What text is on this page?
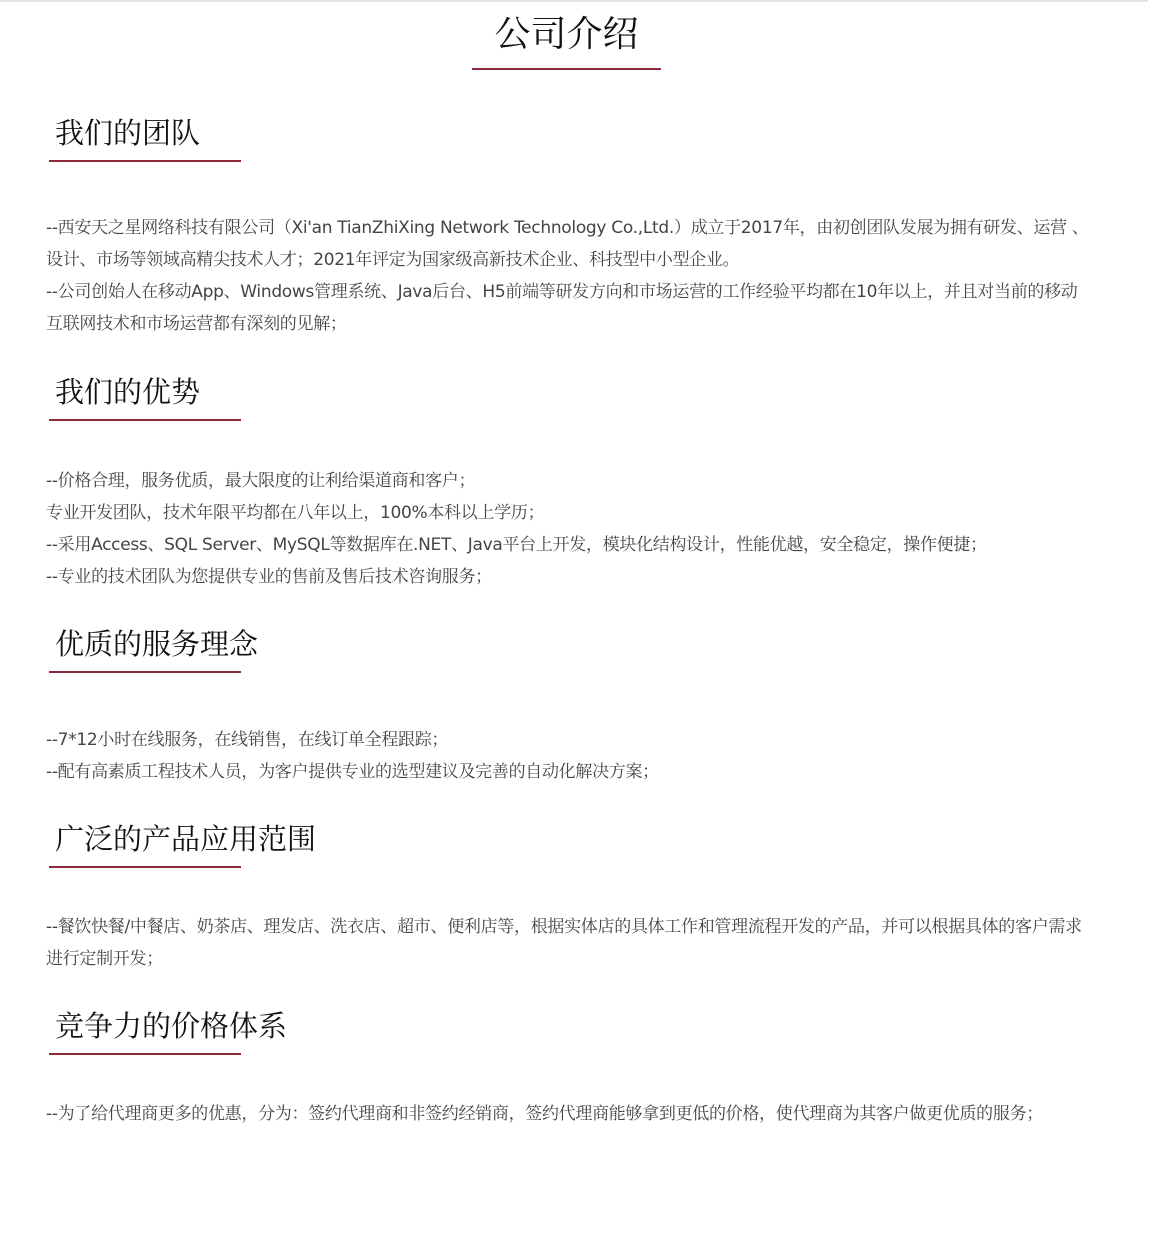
公司介绍
我们的团队

--西安天之星网络科技有限公司（Xi'an TianZhiXing Network Technology Co.,Ltd.）成立于2017年，由初创团队发展为拥有研发、运营 、设计、市场等领域高精尖技术人才；2021年评定为国家级高新技术企业、科技型中小型企业。

--公司创始人在移动App、Windows管理系统、Java后台、H5前端等研发方向和市场运营的工作经验平均都在10年以上，并且对当前的移动互联网技术和市场运营都有深刻的见解；

我们的优势

--价格合理，服务优质，最大限度的让利给渠道商和客户；

专业开发团队，技术年限平均都在八年以上，100%本科以上学历；

--采用Access、SQL Server、MySQL等数据库在.NET、Java平台上开发，模块化结构设计，性能优越，安全稳定，操作便捷；

--专业的技术团队为您提供专业的售前及售后技术咨询服务；

优质的服务理念

--7*12小时在线服务，在线销售，在线订单全程跟踪；

--配有高素质工程技术人员，为客户提供专业的选型建议及完善的自动化解决方案；

广泛的产品应用范围

--餐饮快餐/中餐店、奶茶店、理发店、洗衣店、超市、便利店等，根据实体店的具体工作和管理流程开发的产品，并可以根据具体的客户需求进行定制开发；

竞争力的价格体系

--为了给代理商更多的优惠，分为：签约代理商和非签约经销商，签约代理商能够拿到更低的价格，使代理商为其客户做更优质的服务；
